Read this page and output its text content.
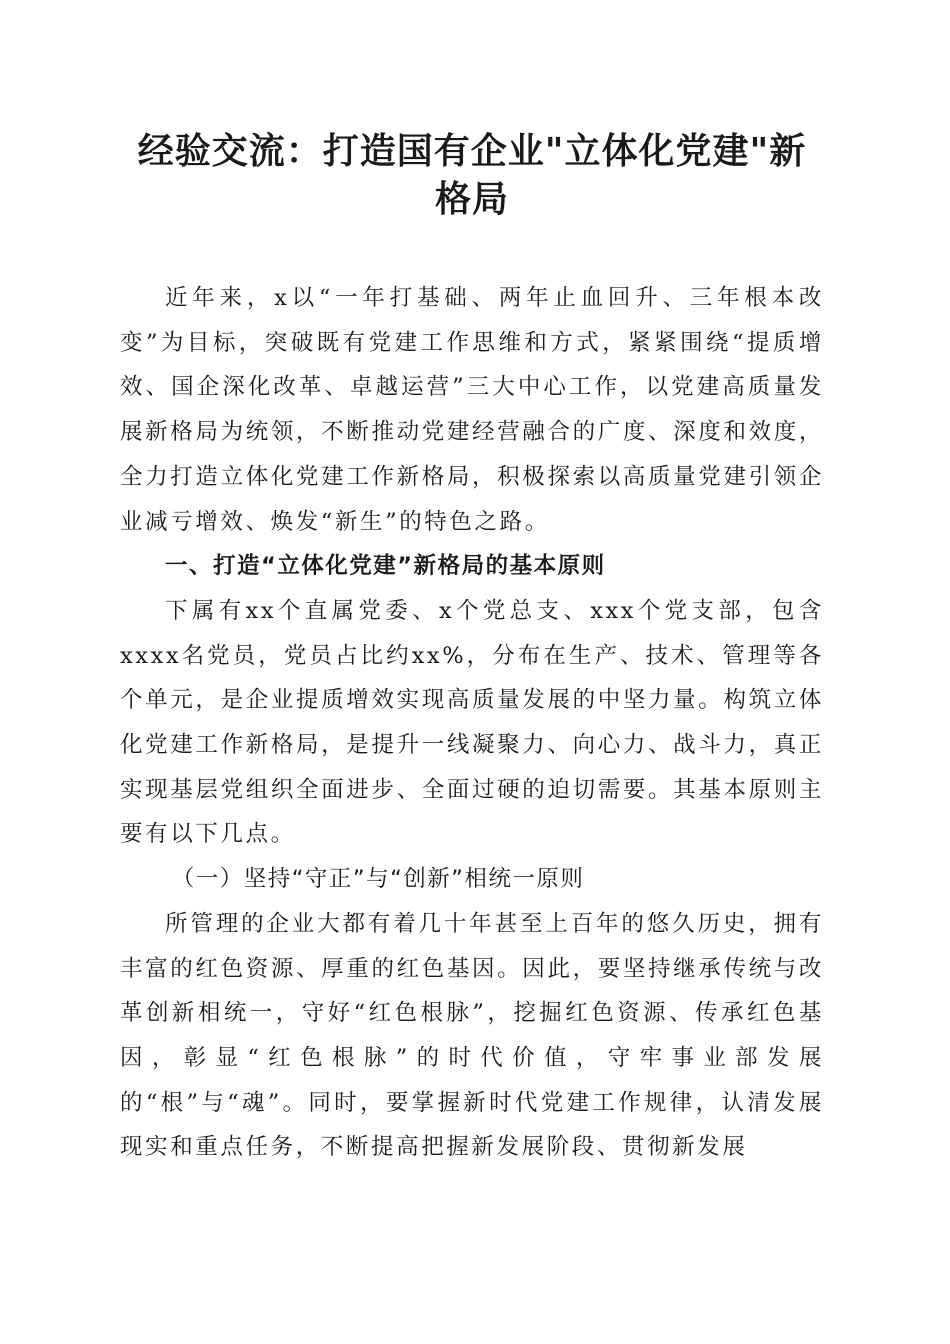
经验交流：打造国有企业"立体化党建"新格局

近年来，x以“一年打基础、两年止血回升、三年根本改变”为目标，突破既有党建工作思维和方式，紧紧围绕“提质增效、国企深化改革、卓越运营”三大中心工作，以党建高质量发展新格局为统领，不断推动党建经营融合的广度、深度和效度，全力打造立体化党建工作新格局，积极探索以高质量党建引领企业减亏增效、焕发“新生”的特色之路。

一、打造“立体化党建”新格局的基本原则

下属有xx个直属党委、x个党总支、xxx个党支部，包含xxxx名党员，党员占比约xx%，分布在生产、技术、管理等各个单元，是企业提质增效实现高质量发展的中坚力量。构筑立体化党建工作新格局，是提升一线凝聚力、向心力、战斗力，真正实现基层党组织全面进步、全面过硬的迫切需要。其基本原则主要有以下几点。

（一）坚持“守正”与“创新”相统一原则

所管理的企业大都有着几十年甚至上百年的悠久历史，拥有丰富的红色资源、厚重的红色基因。因此，要坚持继承传统与改革创新相统一，守好“红色根脉”，挖掘红色资源、传承红色基因，彰显“红色根脉”的时代价值，守牢事业部发展的“根”与“魂”。同时，要掌握新时代党建工作规律，认清发展现实和重点任务，不断提高把握新发展阶段、贯彻新发展
